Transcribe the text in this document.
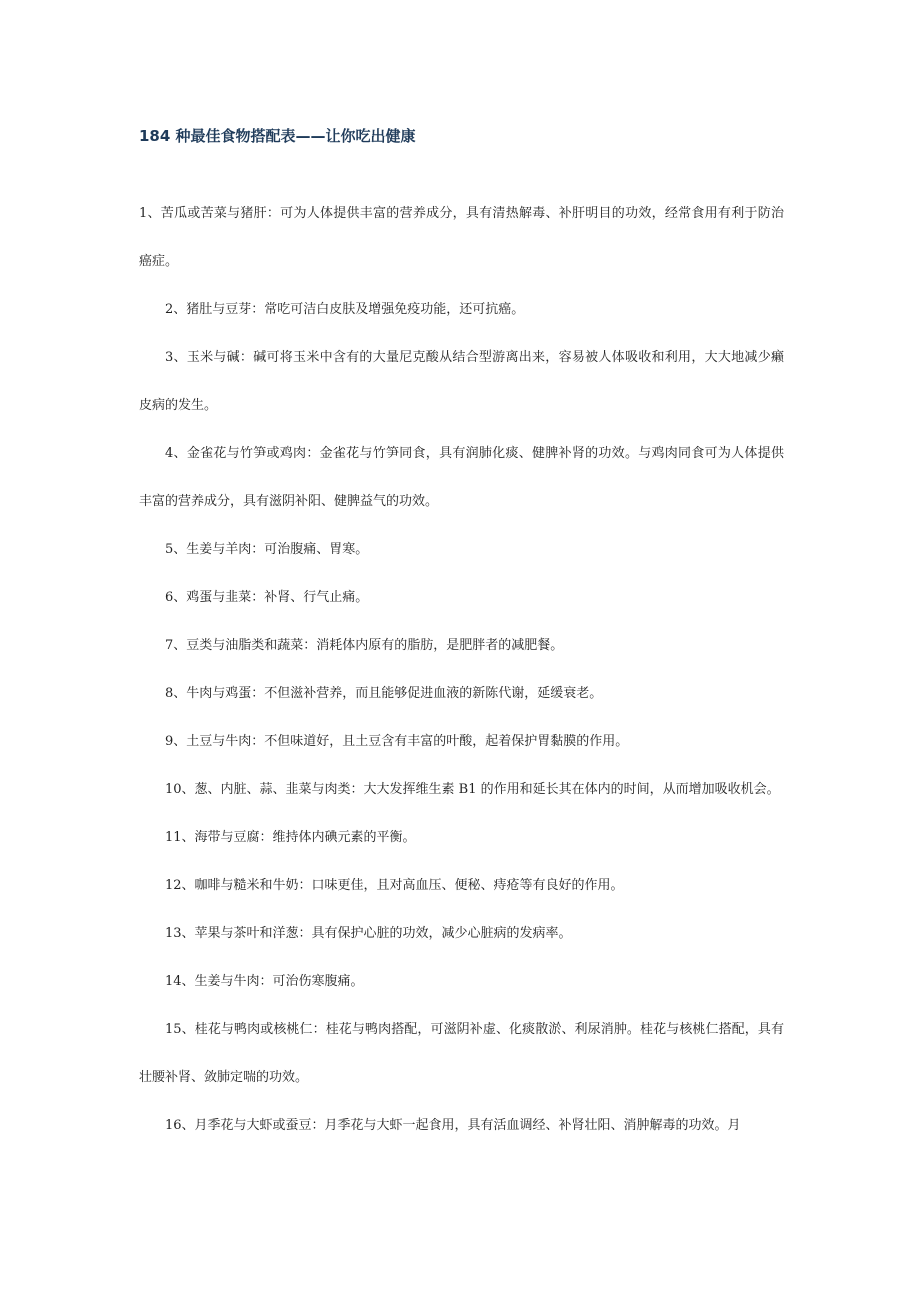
184 种最佳食物搭配表——让你吃出健康

1、苦瓜或苦菜与猪肝：可为人体提供丰富的营养成分，具有清热解毒、补肝明目的功效，经常食用有利于防治癌症。

2、猪肚与豆芽：常吃可洁白皮肤及增强免疫功能，还可抗癌。

3、玉米与碱：碱可将玉米中含有的大量尼克酸从结合型游离出来，容易被人体吸收和利用，大大地减少癞皮病的发生。

4、金雀花与竹笋或鸡肉：金雀花与竹笋同食，具有润肺化痰、健脾补肾的功效。与鸡肉同食可为人体提供丰富的营养成分，具有滋阴补阳、健脾益气的功效。

5、生姜与羊肉：可治腹痛、胃寒。

6、鸡蛋与韭菜：补肾、行气止痛。

7、豆类与油脂类和蔬菜：消耗体内原有的脂肪，是肥胖者的减肥餐。

8、牛肉与鸡蛋：不但滋补营养，而且能够促进血液的新陈代谢，延缓衰老。

9、土豆与牛肉：不但味道好，且土豆含有丰富的叶酸，起着保护胃黏膜的作用。

10、葱、内脏、蒜、韭菜与肉类：大大发挥维生素 B1 的作用和延长其在体内的时间，从而增加吸收机会。

11、海带与豆腐：维持体内碘元素的平衡。

12、咖啡与糙米和牛奶：口味更佳，且对高血压、便秘、痔疮等有良好的作用。

13、苹果与茶叶和洋葱：具有保护心脏的功效，减少心脏病的发病率。

14、生姜与牛肉：可治伤寒腹痛。

15、桂花与鸭肉或核桃仁：桂花与鸭肉搭配，可滋阴补虚、化痰散淤、利尿消肿。桂花与核桃仁搭配，具有壮腰补肾、敛肺定喘的功效。

16、月季花与大虾或蚕豆：月季花与大虾一起食用，具有活血调经、补肾壮阳、消肿解毒的功效。月
